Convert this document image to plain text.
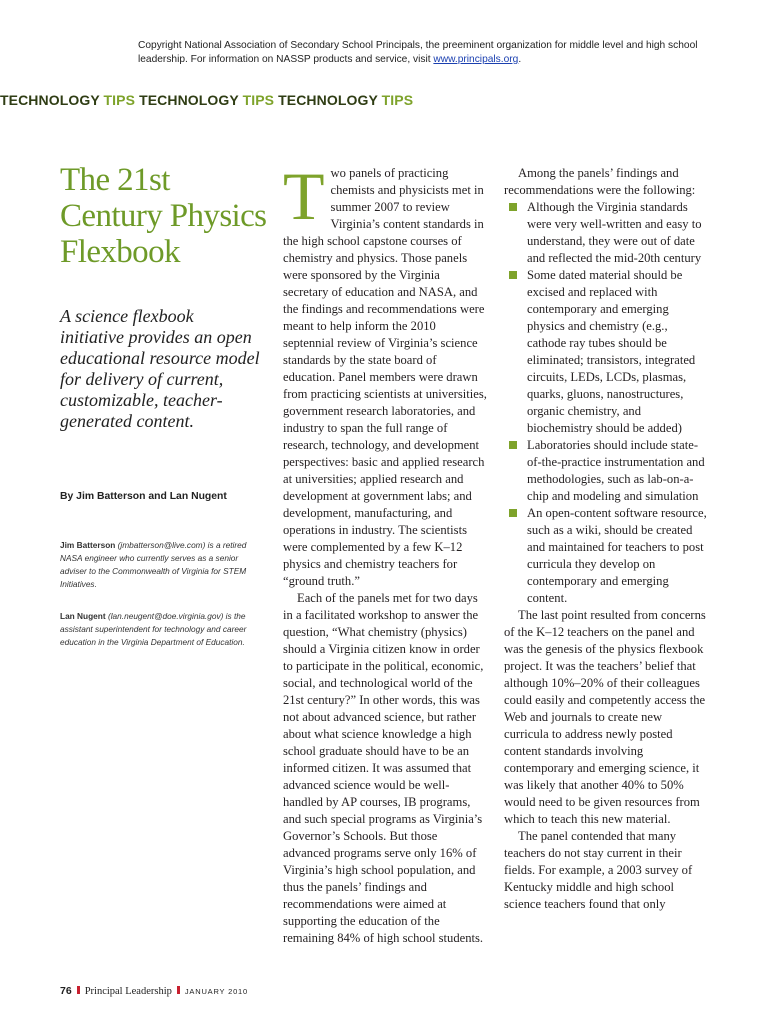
Copyright National Association of Secondary School Principals, the preeminent organization for middle level and high school leadership. For information on NASSP products and service, visit www.principals.org.
TECHNOLOGY TIPS TECHNOLOGY TIPS TECHNOLOGY TIPS
The 21st Century Physics Flexbook
A science flexbook initiative provides an open educational resource model for delivery of current, customizable, teacher-generated content.
By Jim Batterson and Lan Nugent
Jim Batterson (jmbatterson@live.com) is a retired NASA engineer who currently serves as a senior adviser to the Commonwealth of Virginia for STEM Initiatives.
Lan Nugent (lan.neugent@doe.virginia.gov) is the assistant superintendent for technology and career education in the Virginia Department of Education.

Two panels of practicing chemists and physicists met in summer 2007 to review Virginia’s content standards in the high school capstone courses of chemistry and physics. Those panels were sponsored by the Virginia secretary of education and NASA, and the findings and recommendations were meant to help inform the 2010 septennial review of Virginia’s science standards by the state board of education. Panel members were drawn from practicing scientists at universities, government research laboratories, and industry to span the full range of research, technology, and development perspectives: basic and applied research at universities; applied research and development at government labs; and development, manufacturing, and operations in industry. The scientists were complemented by a few K–12 physics and chemistry teachers for “ground truth.”

Each of the panels met for two days in a facilitated workshop to answer the question, “What chemistry (physics) should a Virginia citizen know in order to participate in the political, economic, social, and technological world of the 21st century?” In other words, this was not about advanced science, but rather about what science knowledge a high school graduate should have to be an informed citizen. It was assumed that advanced science would be well-handled by AP courses, IB programs, and such special programs as Virginia’s Governor’s Schools. But those advanced programs serve only 16% of Virginia’s high school population, and thus the panels’ findings and recommendations were aimed at supporting the education of the remaining 84% of high school students.

Among the panels’ findings and recommendations were the following:

Although the Virginia standards were very well-written and easy to understand, they were out of date and reflected the mid-20th century
Some dated material should be excised and replaced with contemporary and emerging physics and chemistry (e.g., cathode ray tubes should be eliminated; transistors, integrated circuits, LEDs, LCDs, plasmas, quarks, gluons, nanostructures, organic chemistry, and biochemistry should be added)
Laboratories should include state-of-the-practice instrumentation and methodologies, such as lab-on-a-chip and modeling and simulation
An open-content software resource, such as a wiki, should be created and maintained for teachers to post curricula they develop on contemporary and emerging content.

The last point resulted from concerns of the K–12 teachers on the panel and was the genesis of the physics flexbook project. It was the teachers’ belief that although 10%–20% of their colleagues could easily and competently access the Web and journals to create new curricula to address newly posted content standards involving contemporary and emerging science, it was likely that another 40% to 50% would need to be given resources from which to teach this new material.

The panel contended that many teachers do not stay current in their fields. For example, a 2003 survey of Kentucky middle and high school science teachers found that only

76 Principal Leadership JANUARY 2010
